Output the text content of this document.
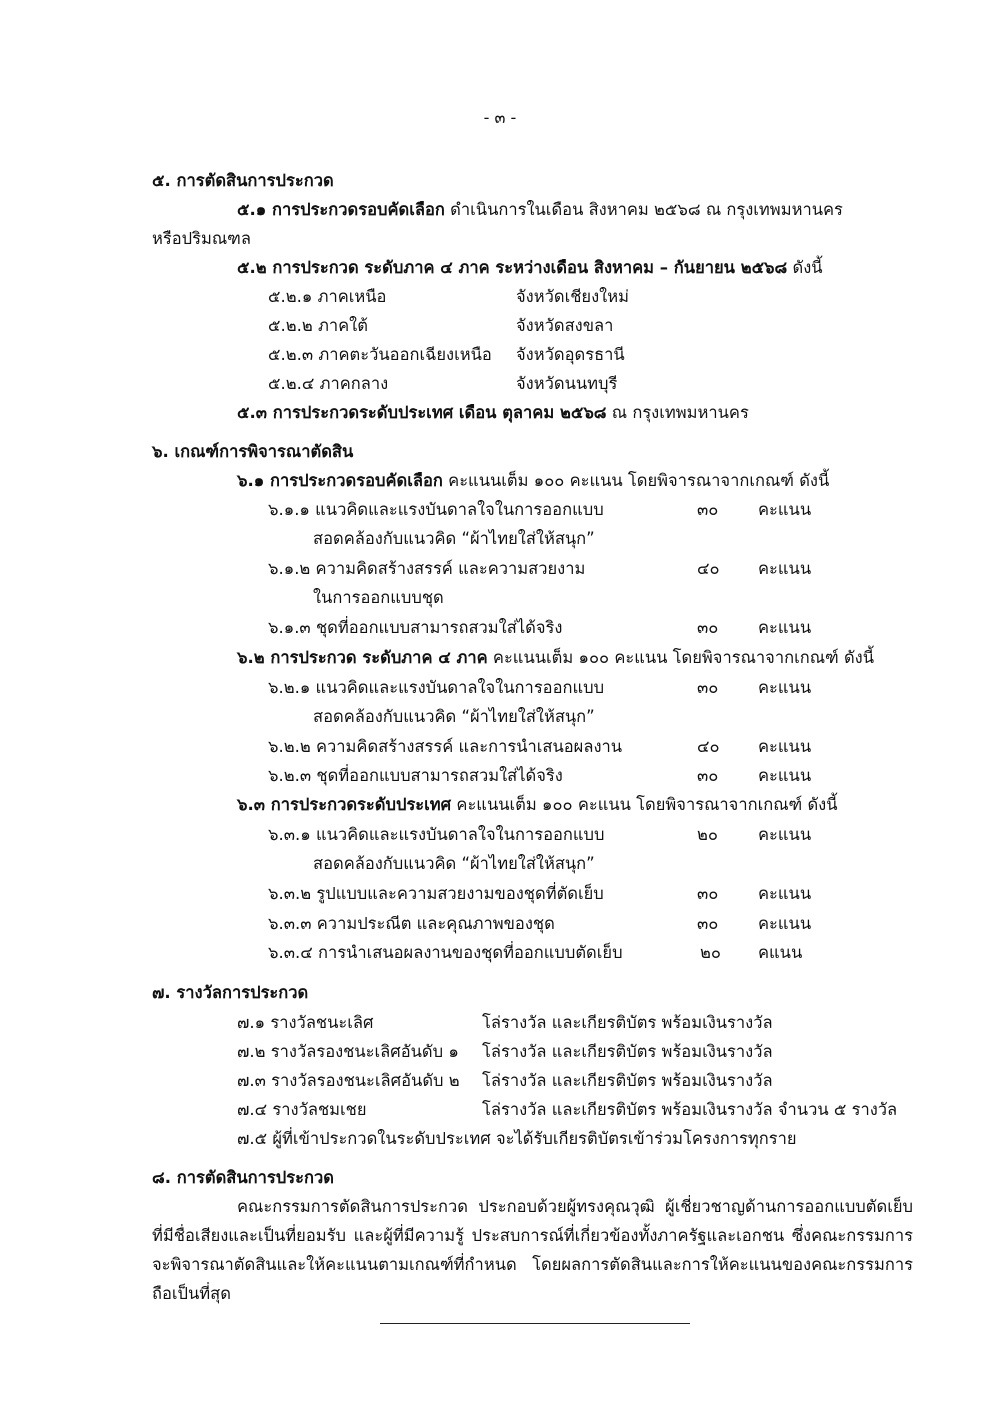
- ๓ -
๕. การตัดสินการประกวด
๕.๑ การประกวดรอบคัดเลือก ดำเนินการในเดือน สิงหาคม ๒๕๖๘ ณ กรุงเทพมหานคร
หรือปริมณฑล
๕.๒ การประกวด ระดับภาค ๔ ภาค ระหว่างเดือน สิงหาคม – กันยายน ๒๕๖๘ ดังนี้
๕.๒.๑ ภาคเหนือ	จังหวัดเชียงใหม่
๕.๒.๒ ภาคใต้	จังหวัดสงขลา
๕.๒.๓ ภาคตะวันออกเฉียงเหนือ จังหวัดอุดรธานี
๕.๒.๔ ภาคกลาง	จังหวัดนนทบุรี
๕.๓ การประกวดระดับประเทศ เดือน ตุลาคม ๒๕๖๘ ณ กรุงเทพมหานคร
๖. เกณฑ์การพิจารณาตัดสิน
๖.๑ การประกวดรอบคัดเลือก คะแนนเต็ม ๑๐๐ คะแนน โดยพิจารณาจากเกณฑ์ ดังนี้
๖.๑.๑ แนวคิดและแรงบันดาลใจในการออกแบบ	๓๐ คะแนน
สอดคล้องกับแนวคิด “ผ้าไทยใส่ให้สนุก”
๖.๑.๒ ความคิดสร้างสรรค์ และความสวยงาม	๔๐ คะแนน
ในการออกแบบชุด
๖.๑.๓ ชุดที่ออกแบบสามารถสวมใส่ได้จริง	๓๐ คะแนน
๖.๒ การประกวด ระดับภาค ๔ ภาค คะแนนเต็ม ๑๐๐ คะแนน โดยพิจารณาจากเกณฑ์ ดังนี้
๖.๒.๑ แนวคิดและแรงบันดาลใจในการออกแบบ	๓๐ คะแนน
สอดคล้องกับแนวคิด “ผ้าไทยใส่ให้สนุก”
๖.๒.๒ ความคิดสร้างสรรค์ และการนำเสนอผลงาน	๔๐ คะแนน
๖.๒.๓ ชุดที่ออกแบบสามารถสวมใส่ได้จริง	๓๐ คะแนน
๖.๓ การประกวดระดับประเทศ คะแนนเต็ม ๑๐๐ คะแนน โดยพิจารณาจากเกณฑ์ ดังนี้
๖.๓.๑ แนวคิดและแรงบันดาลใจในการออกแบบ	๒๐ คะแนน
สอดคล้องกับแนวคิด “ผ้าไทยใส่ให้สนุก”
๖.๓.๒ รูปแบบและความสวยงามของชุดที่ตัดเย็บ	๓๐ คะแนน
๖.๓.๓ ความประณีต และคุณภาพของชุด	๓๐ คะแนน
๖.๓.๔ การนำเสนอผลงานของชุดที่ออกแบบตัดเย็บ	๒๐ คแนน
๗. รางวัลการประกวด
๗.๑ รางวัลชนะเลิศ	โล่รางวัล และเกียรติบัตร พร้อมเงินรางวัล
๗.๒ รางวัลรองชนะเลิศอันดับ ๑ โล่รางวัล และเกียรติบัตร พร้อมเงินรางวัล
๗.๓ รางวัลรองชนะเลิศอันดับ ๒ โล่รางวัล และเกียรติบัตร พร้อมเงินรางวัล
๗.๔ รางวัลชมเชย	โล่รางวัล และเกียรติบัตร พร้อมเงินรางวัล จำนวน ๕ รางวัล
๗.๕ ผู้ที่เข้าประกวดในระดับประเทศ จะได้รับเกียรติบัตรเข้าร่วมโครงการทุกราย
๘. การตัดสินการประกวด
คณะกรรมการตัดสินการประกวด ประกอบด้วยผู้ทรงคุณวุฒิ ผู้เชี่ยวชาญด้านการออกแบบตัดเย็บ
ที่มีชื่อเสียงและเป็นที่ยอมรับ และผู้ที่มีความรู้ ประสบการณ์ที่เกี่ยวข้องทั้งภาครัฐและเอกชน ซึ่งคณะกรรมการ
จะพิจารณาตัดสินและให้คะแนนตามเกณฑ์ที่กำหนด โดยผลการตัดสินและการให้คะแนนของคณะกรรมการ
ถือเป็นที่สุด
